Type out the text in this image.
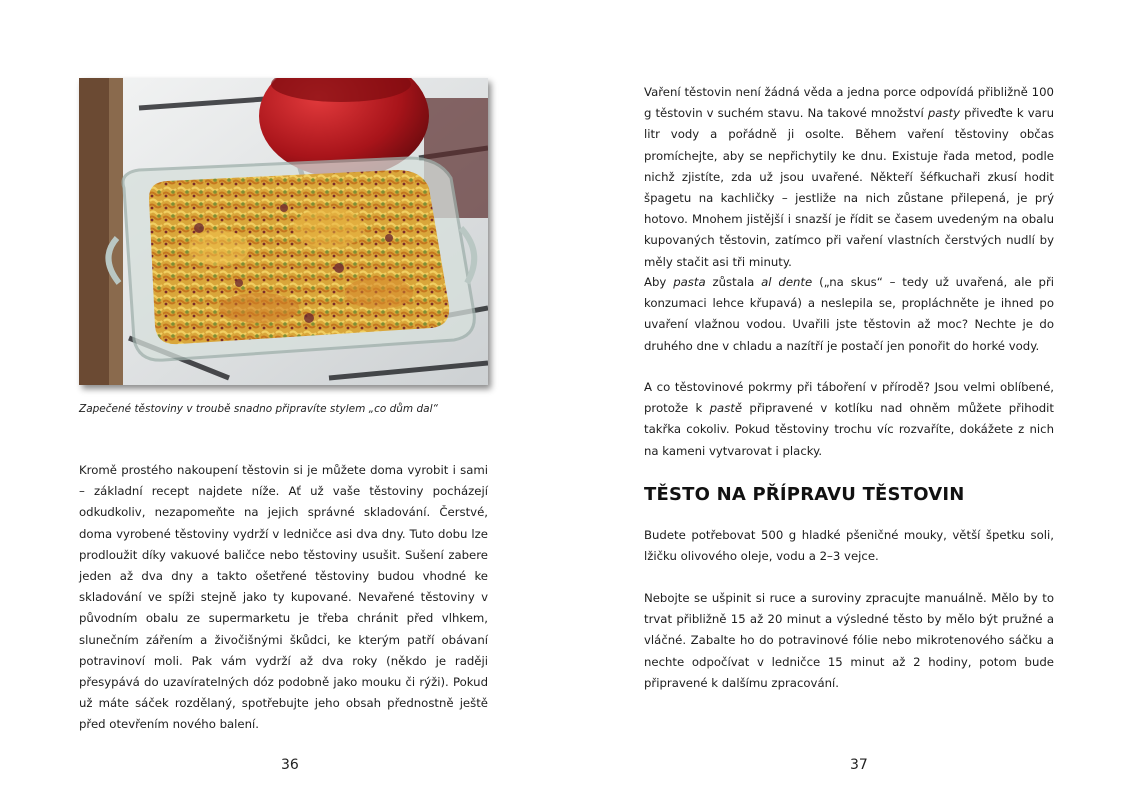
Zapečené těstoviny v troubě snadno připravíte stylem „co dům dal“

Kromě prostého nakoupení těstovin si je můžete doma vyrobit i sami – základní recept najdete níže. Ať už vaše těstoviny pocházejí odkudkoliv, nezapomeňte na jejich správné skladování. Čerstvé, doma vyrobené těstoviny vydrží v ledničce asi dva dny. Tuto dobu lze prodloužit díky vakuové baličce nebo těstoviny usušit. Sušení zabere jeden až dva dny a takto ošetřené těstoviny budou vhodné ke skladování ve spíži stejně jako ty kupované. Nevařené těstoviny v původním obalu ze supermarketu je třeba chránit před vlhkem, slunečním zářením a živočišnými škůdci, ke kterým patří obávaní potravinoví moli. Pak vám vydrží až dva roky (někdo je raději přesypává do uzavíratelných dóz podobně jako mouku či rýži). Pokud už máte sáček rozdělaný, spotřebujte jeho obsah přednostně ještě před otevřením nového balení.

36

Vaření těstovin není žádná věda a jedna porce odpovídá přibližně 100 g těstovin v suchém stavu. Na takové množství pasty přiveďte k varu litr vody a pořádně ji osolte. Během vaření těstoviny občas promíchejte, aby se nepřichytily ke dnu. Existuje řada metod, podle nichž zjistíte, zda už jsou uvařené. Někteří šéfkuchaři zkusí hodit špagetu na kachličky – jestliže na nich zůstane přilepená, je prý hotovo. Mnohem jistější i snazší je řídit se časem uvedeným na obalu kupovaných těstovin, zatímco při vaření vlastních čerstvých nudlí by měly stačit asi tři minuty.

Aby pasta zůstala al dente („na skus“ – tedy už uvařená, ale při konzumaci lehce křupavá) a neslepila se, propláchněte je ihned po uvaření vlažnou vodou. Uvařili jste těstovin až moc? Nechte je do druhého dne v chladu a nazítří je postačí jen ponořit do horké vody.

A co těstovinové pokrmy při táboření v přírodě? Jsou velmi oblíbené, protože k pastě připravené v kotlíku nad ohněm můžete přihodit takřka cokoliv. Pokud těstoviny trochu víc rozvaříte, dokážete z nich na kameni vytvarovat i placky.

TĚSTO NA PŘÍPRAVU TĚSTOVIN

Budete potřebovat 500 g hladké pšeničné mouky, větší špetku soli, lžičku olivového oleje, vodu a 2–3 vejce.

Nebojte se ušpinit si ruce a suroviny zpracujte manuálně. Mělo by to trvat přibližně 15 až 20 minut a výsledné těsto by mělo být pružné a vláčné. Zabalte ho do potravinové fólie nebo mikrotenového sáčku a nechte odpočívat v ledničce 15 minut až 2 hodiny, potom bude připravené k dalšímu zpracování.

37
